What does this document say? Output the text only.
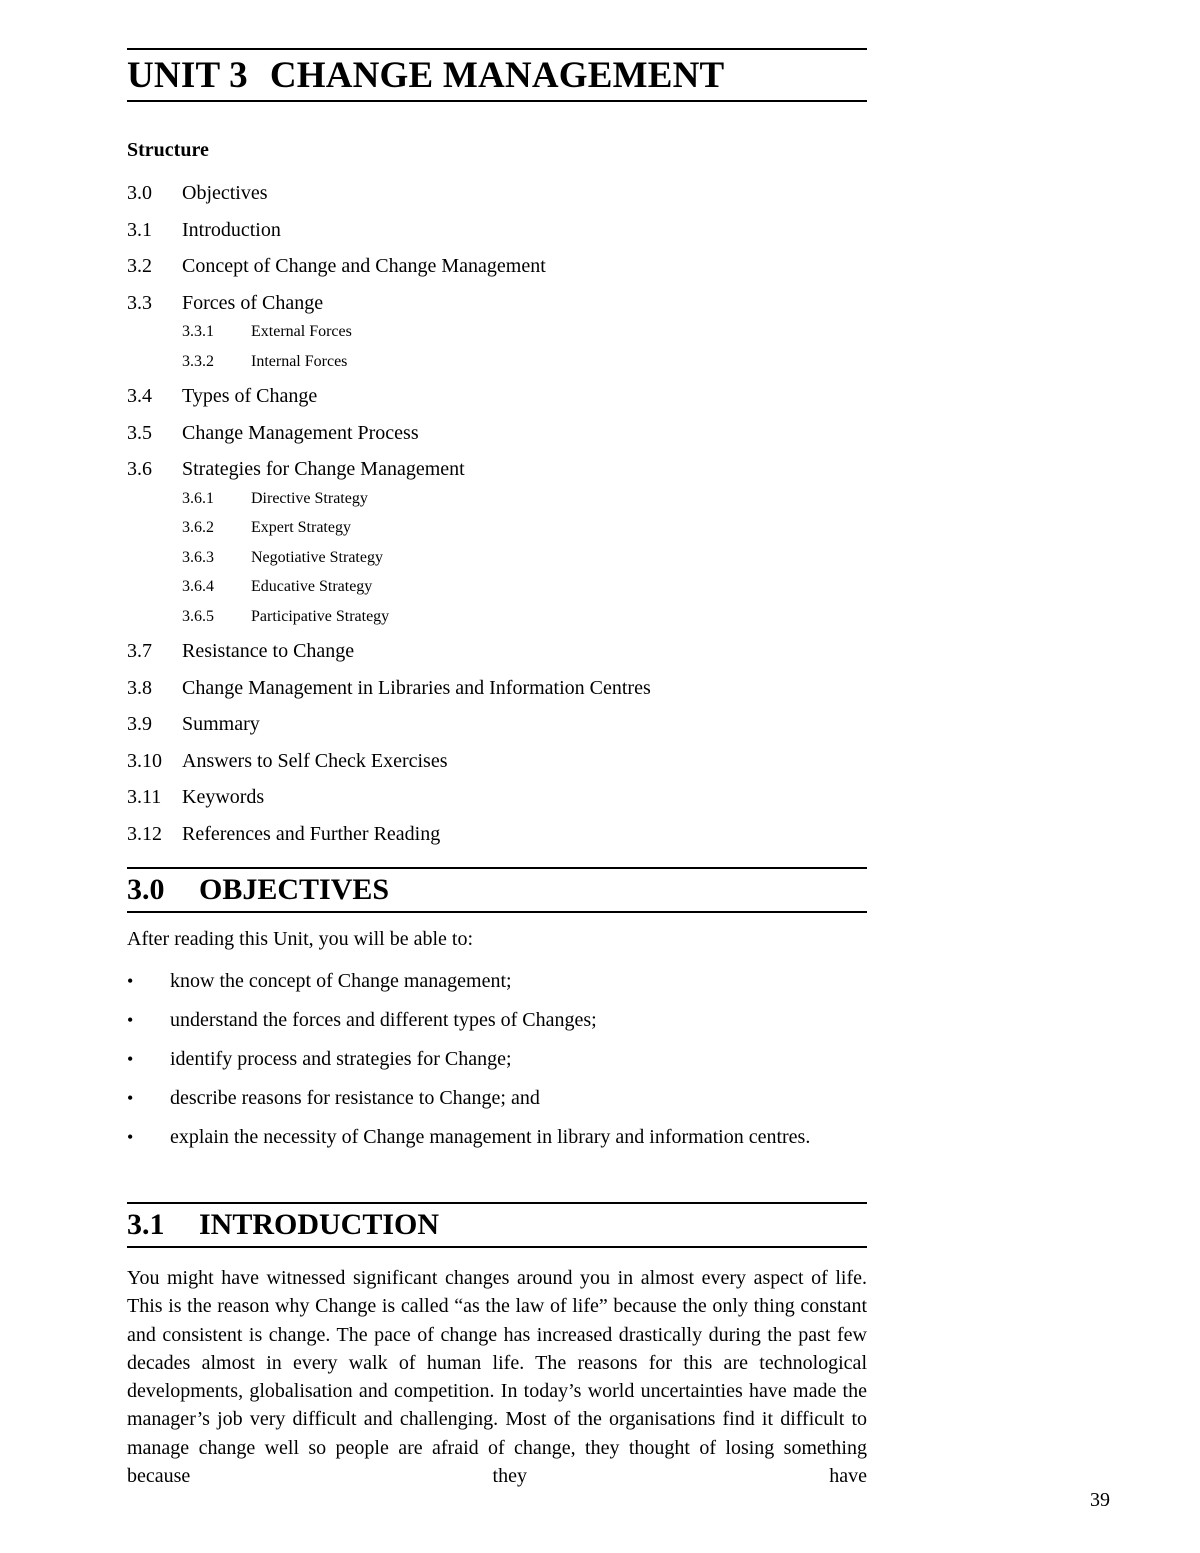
UNIT 3 CHANGE MANAGEMENT

Structure

3.0	Objectives
3.1	Introduction
3.2	Concept of Change and Change Management
3.3	Forces of Change
3.3.1	External Forces
3.3.2	Internal Forces
3.4	Types of Change
3.5	Change Management Process
3.6	Strategies for Change Management
3.6.1	Directive Strategy
3.6.2	Expert Strategy
3.6.3	Negotiative Strategy
3.6.4	Educative Strategy
3.6.5	Participative Strategy
3.7	Resistance to Change
3.8	Change Management in Libraries and Information Centres
3.9	Summary
3.10	Answers to Self Check Exercises
3.11	Keywords
3.12	References and Further Reading
3.0 OBJECTIVES

After reading this Unit, you will be able to:

•	know the concept of Change management;
•	understand the forces and different types of Changes;
•	identify process and strategies for Change;
•	describe reasons for resistance to Change; and
•	explain the necessity of Change management in library and information centres.
3.1 INTRODUCTION

You might have witnessed significant changes around you in almost every aspect of life. This is the reason why Change is called “as the law of life” because the only thing constant and consistent is change. The pace of change has increased drastically during the past few decades almost in every walk of human life. The reasons for this are technological developments, globalisation and competition. In today’s world uncertainties have made the manager’s job very difficult and challenging. Most of the organisations find it difficult to manage change well so people are afraid of change, they thought of losing something because they have

39
